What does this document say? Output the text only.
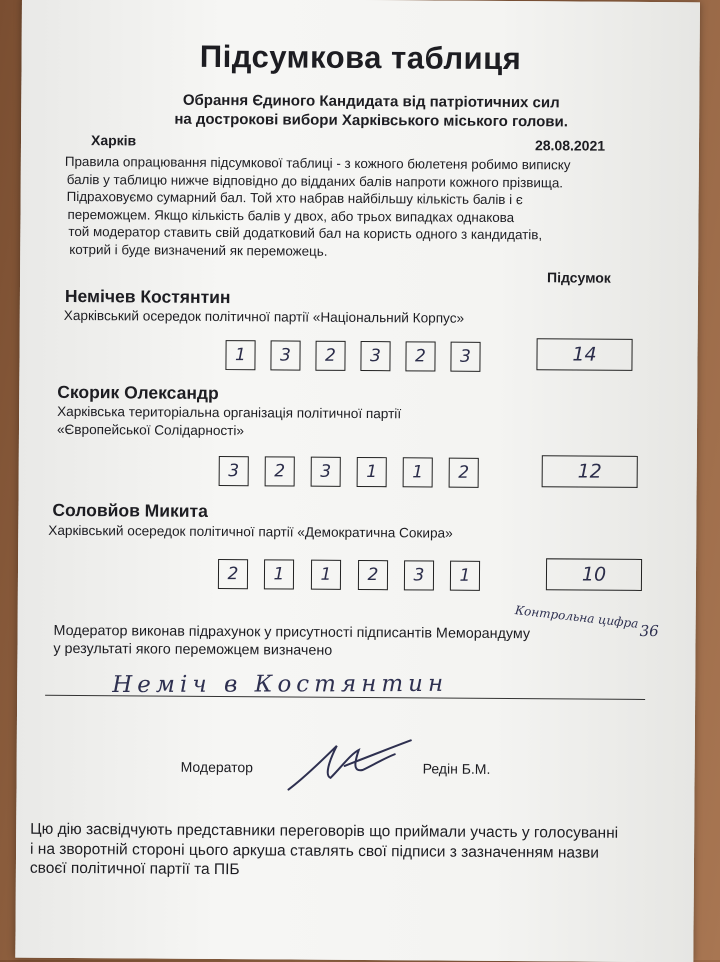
Підсумкова таблиця
Обрання Єдиного Кандидата від патріотичних сил
на дострокові вибори Харківського міського голови.
Харків	28.08.2021
Правила опрацювання підсумкової таблиці - з кожного бюлетеня робимо виписку
балів у таблицю нижче відповідно до відданих балів напроти кожного прізвища.
Підраховуємо сумарний бал. Той хто набрав найбільшу кількість балів і є
переможцем. Якщо кількість балів у двох, або трьох випадках однакова
той модератор ставить свій додатковий бал на користь одного з кандидатів,
котрий і буде визначений як переможець.
Підсумок
Немічев Костянтин
Харківський осередок політичної партії «Національний Корпус»
1	3	2	3	2	3	14
Скорик Олександр
Харківська територіальна організація політичної партії
«Європейської Солідарності»
3	2	3	1	1	2	12
Соловйов Микита
Харківський осередок політичної партії «Демократична Сокира»
2	1	1	2	3	1	10
Контрольна цифра
36
Модератор виконав підрахунок у присутності підписантів Меморандуму
у результаті якого переможцем визначено
Неміч в Костянтин
Модератор	Редін Б.М.
Цю дію засвідчують представники переговорів що приймали участь у голосуванні
і на зворотній стороні цього аркуша ставлять свої підписи з зазначенням назви
своєї політичної партії та ПІБ
